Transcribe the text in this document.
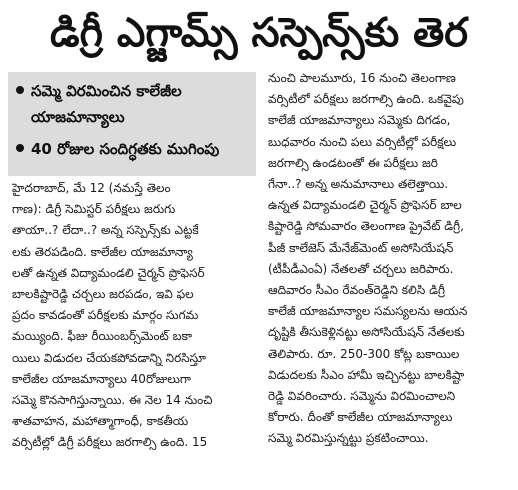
డిగ్రీ ఎగ్జామ్స్ సస్పెన్స్‌కు తెర
సమ్మె విరమించిన కాలేజీల
యాజమాన్యాలు
40 రోజుల సందిగ్ధతకు ముగింపు
హైదరాబాద్, మే 12 (నమస్తే తెలం
గాణ): డిగ్రీ సెమిస్టర్ పరీక్షలు జరుగు
తాయా..? లేదా..? అన్న సస్పెన్స్‌కు ఎట్టకే
లకు తెరపడింది. కాలేజీల యాజమాన్యా
లతో ఉన్నత విద్యామండలి చైర్మన్ ప్రొఫెసర్
బాలకిష్టారెడ్డి చర్చలు జరపడం, ఇవి ఫల
ప్రదం కావడంతో పరీక్షలకు మార్గం సుగమ
మయ్యింది. ఫీజు రీయింబర్స్‌మెంట్ బకా
యిలు విడుదల చేయకపోవడాన్ని నిరసిస్తూ
కాలేజీల యాజమాన్యాలు 40రోజులుగా
సమ్మె కొనసాగిస్తున్నాయి. ఈ నెల 14 నుంచి
శాతవాహన, మహాత్మాగాంధీ, కాకతీయ
వర్సిటీల్లో డిగ్రీ పరీక్షలు జరగాల్సి ఉంది. 15
నుంచి పాలమూరు, 16 నుంచి తెలంగాణ
వర్సిటీలో పరీక్షలు జరగాల్సి ఉంది. ఒకవైపు
కాలేజీ యాజమాన్యాలు సమ్మెకు దిగడం,
బుధవారం నుంచి పలు వర్సిటీల్లో పరీక్షలు
జరగాల్సి ఉండటంతో ఈ పరీక్షలు జరి
గేనా..? అన్న అనుమానాలు తలెత్తాయి.
ఉన్నత విద్యామండలి చైర్మన్ ప్రొఫెసర్ బాల
కిష్టారెడ్డి సోమవారం తెలంగాణ ప్రైవేట్ డిగ్రీ,
పీజీ కాలేజెస్ మేనేజ్‌మెంట్ అసోసియేషన్
(టీపీడీఎంఏ) నేతలతో చర్చలు జరిపారు.
ఆదివారం సీఎం రేవంత్‌రెడ్డిని కలిసి డిగ్రీ
కాలేజీ యాజమాన్యాల సమస్యలను ఆయన
దృష్టికి తీసుకెళ్లినట్టు అసోసియేషన్ నేతలకు
తెలిపారు. రూ. 250-300 కోట్ల బకాయిల
విడుదలకు సీఎం హామీ ఇచ్చినట్టు బాలకిష్టా
రెడ్డి వివరించారు. సమ్మెను విరమించాలని
కోరారు. దీంతో కాలేజీల యాజమాన్యాలు
సమ్మె విరమిస్తున్నట్టు ప్రకటించాయి.
